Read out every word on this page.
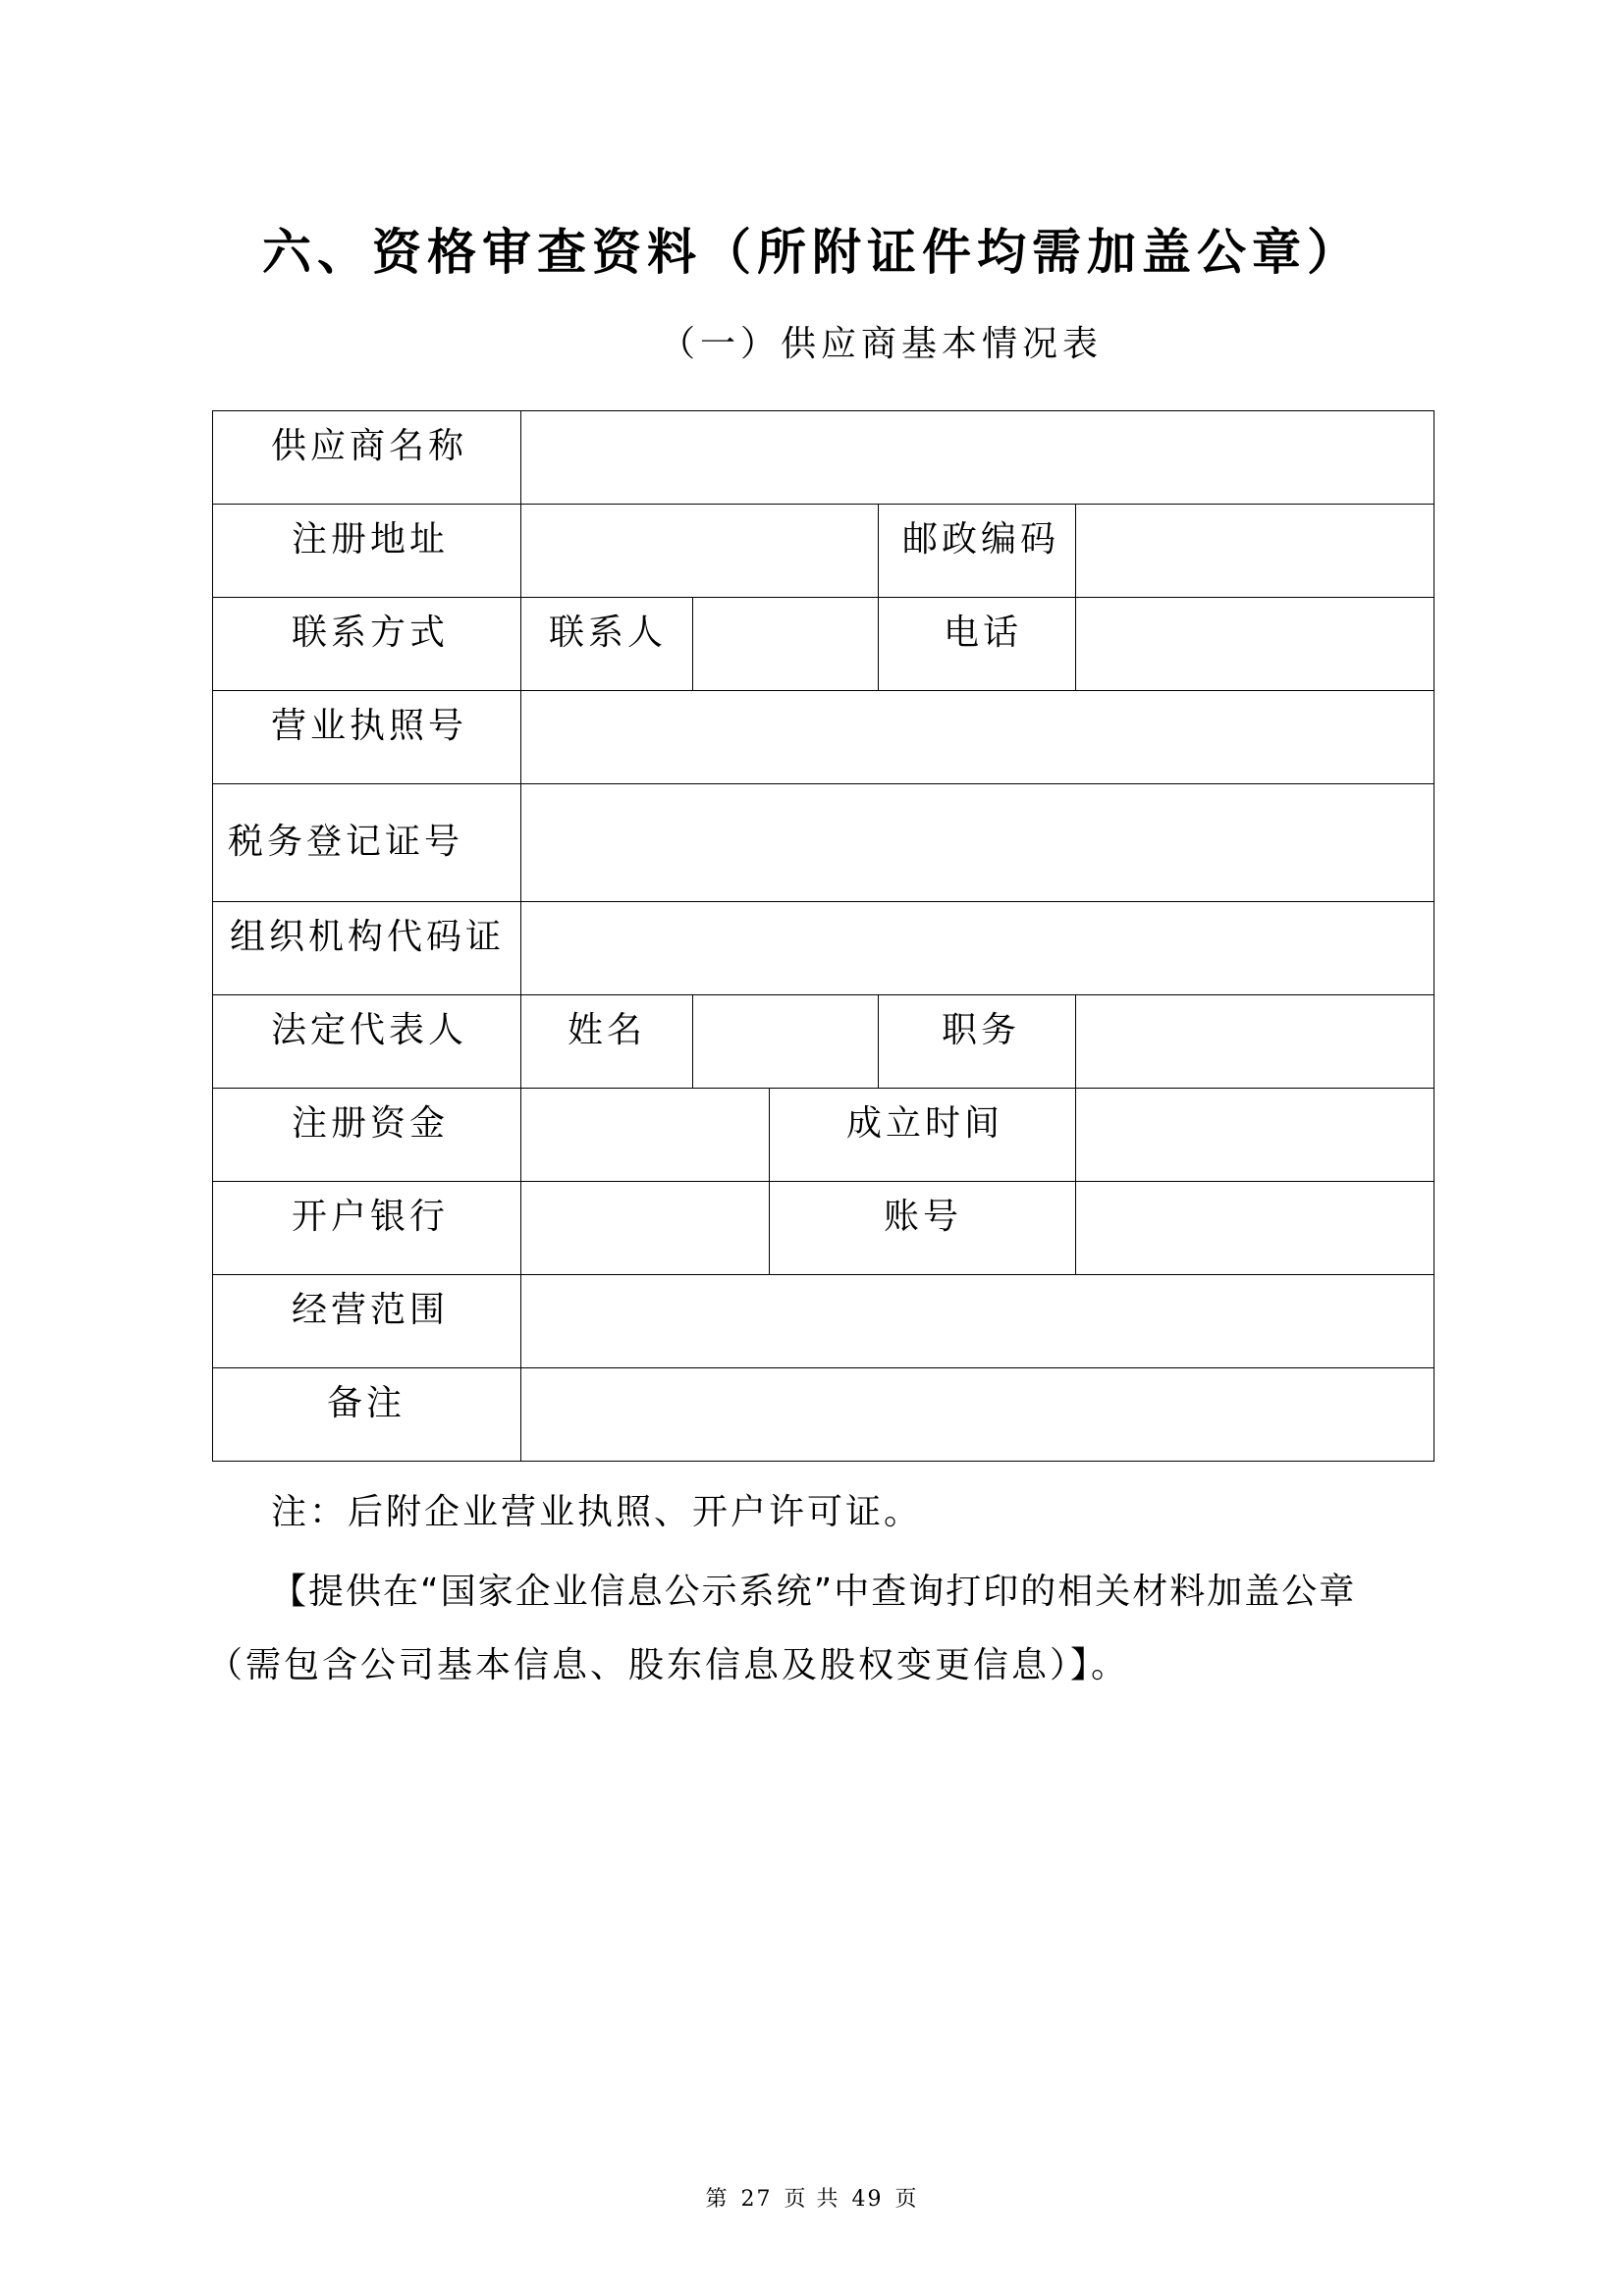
六、资格审查资料（所附证件均需加盖公章）
（一）供应商基本情况表
供应商名称
注册地址	邮政编码
联系方式	联系人	电话
营业执照号
税务登记证号
组织机构代码证
法定代表人	姓名	职务
注册资金	成立时间
开户银行	账号
经营范围
备注
注：后附企业营业执照、开户许可证。
【提供在“国家企业信息公示系统”中查询打印的相关材料加盖公章
（需包含公司基本信息、股东信息及股权变更信息）】。
第 27 页 共 49 页
